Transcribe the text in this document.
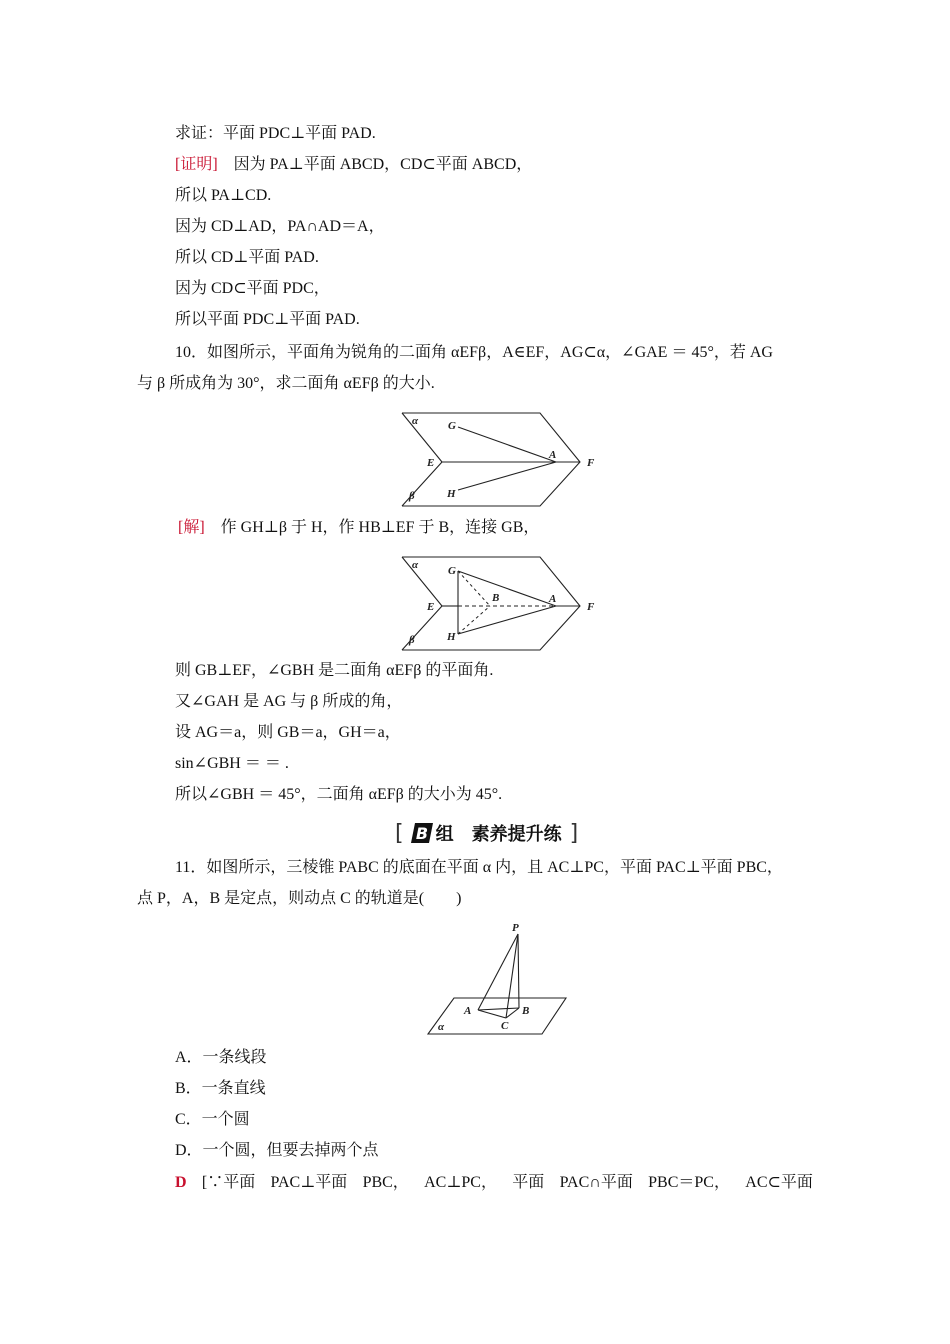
求证：平面 PDC⊥平面 PAD.
[证明] 因为 PA⊥平面 ABCD，CD⊂平面 ABCD，
所以 PA⊥CD.
因为 CD⊥AD，PA∩AD＝A，
所以 CD⊥平面 PAD.
因为 CD⊂平面 PDC，
所以平面 PDC⊥平面 PAD.
10．如图所示，平面角为锐角的二面角 αEFβ，A∈EF，AG⊂α，∠GAE ＝ 45°，若 AG
与 β 所成角为 30°，求二面角 αEFβ 的大小.
α	G
E
A
F
H
β
[解] 作 GH⊥β 于 H，作 HB⊥EF 于 B，连接 GB，
α	G
B
E
A
F
H
β
则 GB⊥EF，∠GBH 是二面角 αEFβ 的平面角.
又∠GAH 是 AG 与 β 所成的角，
设 AG＝a，则 GB＝a，GH＝a，
sin∠GBH ＝ ＝ .
所以∠GBH ＝ 45°，二面角 αEFβ 的大小为 45°.
[ B 组　素养提升练 ]
11．如图所示，三棱锥 PABC 的底面在平面 α 内，且 AC⊥PC，平面 PAC⊥平面 PBC，
点 P，A，B 是定点，则动点 C 的轨道是(　　)
P
A	B
C
α
A．一条线段
B．一条直线
C．一个圆
D．一个圆，但要去掉两个点
D [∵平面 PAC⊥平面 PBC， AC⊥PC， 平面 PAC∩平面 PBC＝PC， AC⊂平面
